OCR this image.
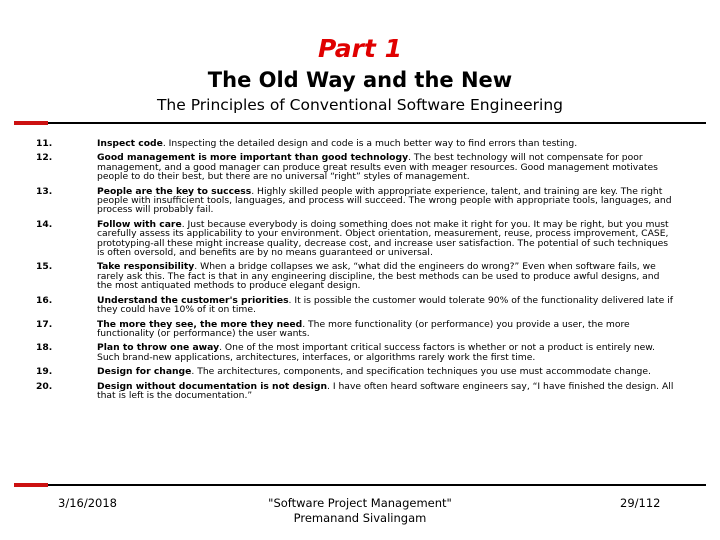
Part 1
The Old Way and the New
The Principles of Conventional Software Engineering
11.	Inspect code. Inspecting the detailed design and code is a much better way to find errors than testing.
12.	Good management is more important than good technology. The best technology will not compensate for poor management, and a good manager can produce great results even with meager resources. Good management motivates people to do their best, but there are no universal “right” styles of management.
13.	People are the key to success. Highly skilled people with appropriate experience, talent, and training are key. The right people with insufficient tools, languages, and process will succeed. The wrong people with appropriate tools, languages, and process will probably fail.
14.	Follow with care. Just because everybody is doing something does not make it right for you. It may be right, but you must carefully assess its applicability to your environment. Object orientation, measurement, reuse, process improvement, CASE, prototyping-all these might increase quality, decrease cost, and increase user satisfaction. The potential of such techniques is often oversold, and benefits are by no means guaranteed or universal.
15.	Take responsibility. When a bridge collapses we ask, “what did the engineers do wrong?” Even when software fails, we rarely ask this. The fact is that in any engineering discipline, the best methods can be used to produce awful designs, and the most antiquated methods to produce elegant design.
16.	Understand the customer's priorities. It is possible the customer would tolerate 90% of the functionality delivered late if they could have 10% of it on time.
17.	The more they see, the more they need. The more functionality (or performance) you provide a user, the more functionality (or performance) the user wants.
18.	Plan to throw one away. One of the most important critical success factors is whether or not a product is entirely new. Such brand-new applications, architectures, interfaces, or algorithms rarely work the first time.
19.	Design for change. The architectures, components, and specification techniques you use must accommodate change.
20.	Design without documentation is not design. I have often heard software engineers say, “I have finished the design. All that is left is the documentation.”
3/16/2018	"Software Project Management"
Premanand Sivalingam
29/112
